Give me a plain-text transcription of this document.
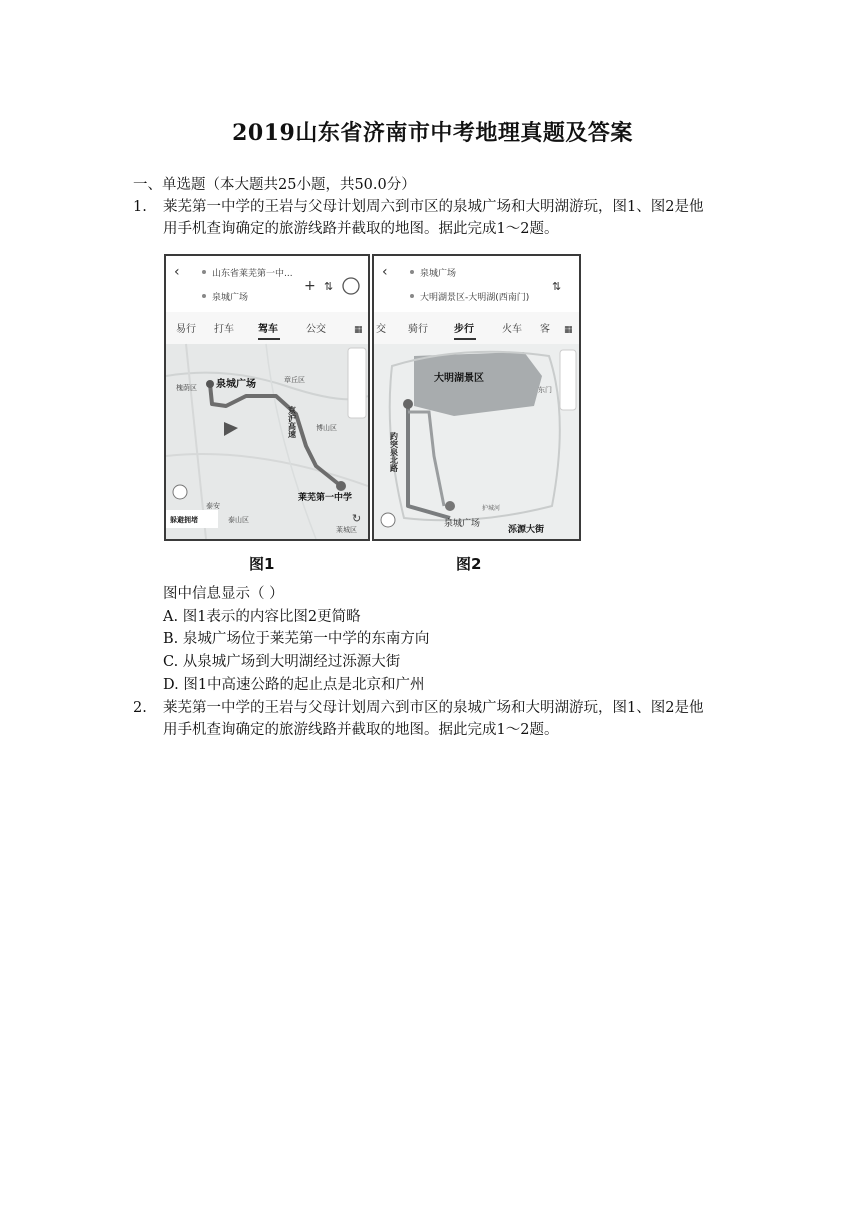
2019山东省济南市中考地理真题及答案
一、单选题（本大题共25小题，共50.0分）
1. 莱芜第一中学的王岩与父母计划周六到市区的泉城广场和大明湖游玩，图1、图2是他
用手机查询确定的旅游线路并截取的地图。据此完成1～2题。
‹	山东省莱芜第一中...
泉城广场
+ ⇅
易行 打车 驾车	公交	▦
泉城广场
京沪高速
章丘区
槐荫区
博山区
泰安
莱芜第一中学
莱城区
泰山区
躲避拥堵	↻
‹	泉城广场
大明湖景区-大明湖(西南门)
⇅
交 骑行	步行	火车 客 ▦
大明湖景区
趵突泉北路
泉城广场
泺源大街
东门
护城河
图1	图2
图中信息显示（ ）
A. 图1表示的内容比图2更简略
B. 泉城广场位于莱芜第一中学的东南方向
C. 从泉城广场到大明湖经过泺源大街
D. 图1中高速公路的起止点是北京和广州
2. 莱芜第一中学的王岩与父母计划周六到市区的泉城广场和大明湖游玩，图1、图2是他
用手机查询确定的旅游线路并截取的地图。据此完成1～2题。
